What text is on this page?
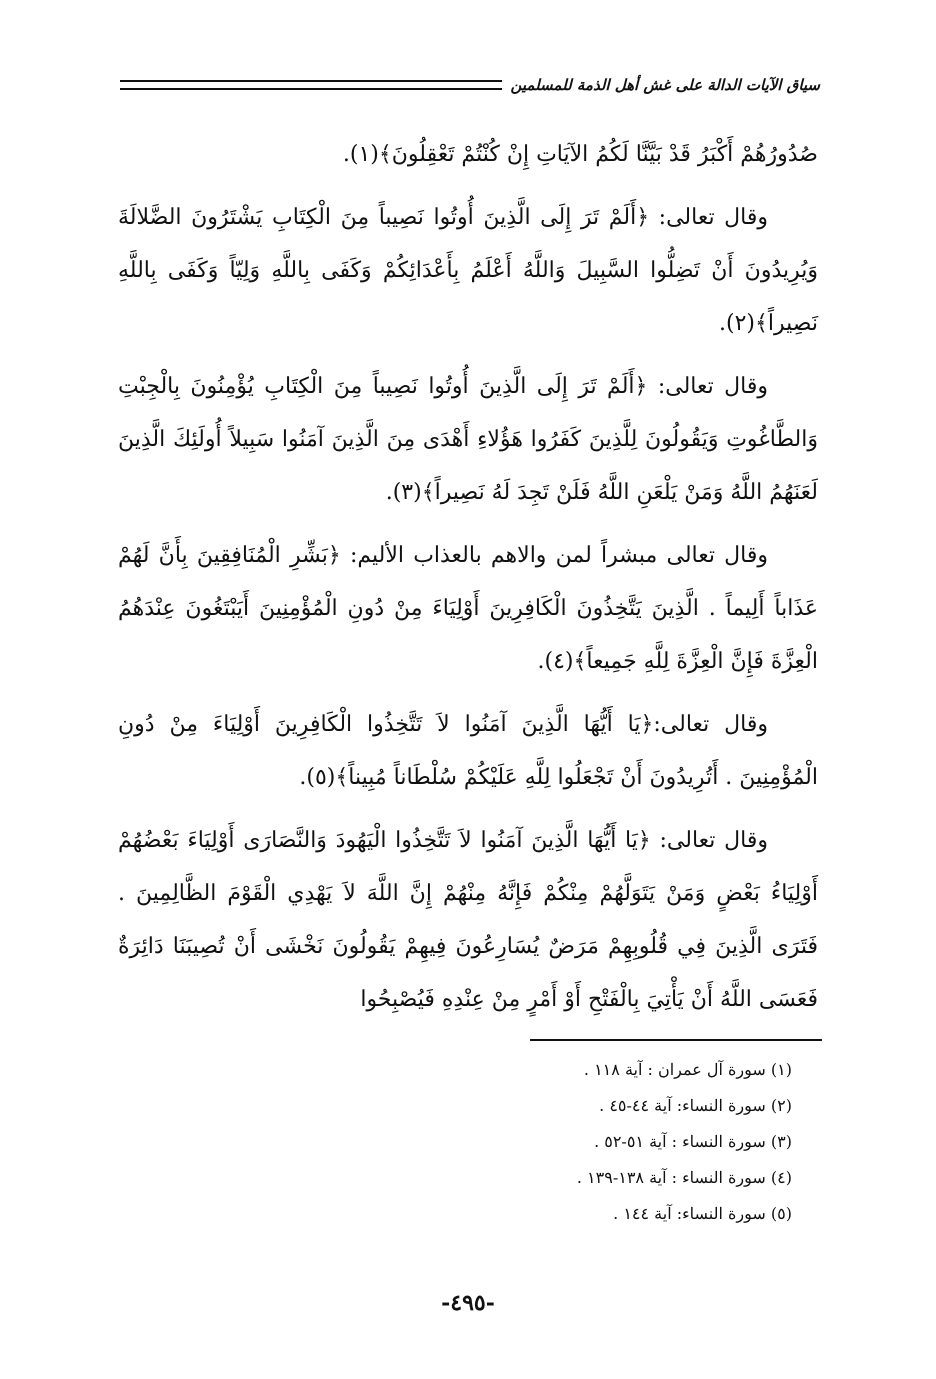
سياق الآيات الدالة على غش أهل الذمة للمسلمين

صُدُورُهُمْ أَكْبَرُ قَدْ بَيَّنَّا لَكُمُ الآيَاتِ إِنْ كُنْتُمْ تَعْقِلُونَ﴾(١).

وقال تعالى: ﴿أَلَمْ تَرَ إِلَى الَّذِينَ أُوتُوا نَصِيباً مِنَ الْكِتَابِ يَشْتَرُونَ الضَّلالَةَ وَيُرِيدُونَ أَنْ تَضِلُّوا السَّبِيلَ وَاللَّهُ أَعْلَمُ بِأَعْدَائِكُمْ وَكَفَى بِاللَّهِ وَلِيّاً وَكَفَى بِاللَّهِ نَصِيراً﴾(٢).

وقال تعالى: ﴿أَلَمْ تَرَ إِلَى الَّذِينَ أُوتُوا نَصِيباً مِنَ الْكِتَابِ يُؤْمِنُونَ بِالْجِبْتِ وَالطَّاغُوتِ وَيَقُولُونَ لِلَّذِينَ كَفَرُوا هَؤُلاءِ أَهْدَى مِنَ الَّذِينَ آمَنُوا سَبِيلاً أُولَئِكَ الَّذِينَ لَعَنَهُمُ اللَّهُ وَمَنْ يَلْعَنِ اللَّهُ فَلَنْ تَجِدَ لَهُ نَصِيراً﴾(٣).

وقال تعالى مبشراً لمن والاهم بالعذاب الأليم: ﴿بَشِّرِ الْمُنَافِقِينَ بِأَنَّ لَهُمْ عَذَاباً أَلِيماً . الَّذِينَ يَتَّخِذُونَ الْكَافِرِينَ أَوْلِيَاءَ مِنْ دُونِ الْمُؤْمِنِينَ أَيَبْتَغُونَ عِنْدَهُمُ الْعِزَّةَ فَإِنَّ الْعِزَّةَ لِلَّهِ جَمِيعاً﴾(٤).

وقال تعالى:﴿يَا أَيُّهَا الَّذِينَ آمَنُوا لاَ تَتَّخِذُوا الْكَافِرِينَ أَوْلِيَاءَ مِنْ دُونِ الْمُؤْمِنِينَ . أَتُرِيدُونَ أَنْ تَجْعَلُوا لِلَّهِ عَلَيْكُمْ سُلْطَاناً مُبِيناً﴾(٥).

وقال تعالى: ﴿يَا أَيُّهَا الَّذِينَ آمَنُوا لاَ تَتَّخِذُوا الْيَهُودَ وَالنَّصَارَى أَوْلِيَاءَ بَعْضُهُمْ أَوْلِيَاءُ بَعْضٍ وَمَنْ يَتَوَلَّهُمْ مِنْكُمْ فَإِنَّهُ مِنْهُمْ إِنَّ اللَّهَ لاَ يَهْدِي الْقَوْمَ الظَّالِمِينَ . فَتَرَى الَّذِينَ فِي قُلُوبِهِمْ مَرَضٌ يُسَارِعُونَ فِيهِمْ يَقُولُونَ نَخْشَى أَنْ تُصِيبَنَا دَائِرَةٌ فَعَسَى اللَّهُ أَنْ يَأْتِيَ بِالْفَتْحِ أَوْ أَمْرٍ مِنْ عِنْدِهِ فَيُصْبِحُوا

(١) سورة آل عمران : آية ١١٨ .

(٢) سورة النساء: آية ٤٤-٤٥ .

(٣) سورة النساء : آية ٥١-٥٢ .

(٤) سورة النساء : آية ١٣٨-١٣٩ .

(٥) سورة النساء: آية ١٤٤ .

-٤٩٥-
